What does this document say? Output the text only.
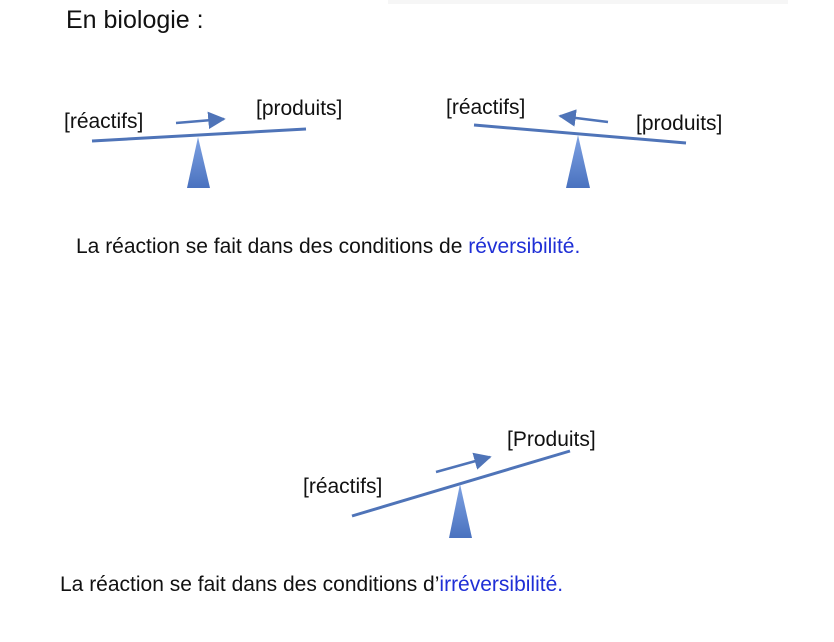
En biologie :
[réactifs]
[produits]	[réactifs]
[produits]
La réaction se fait dans des conditions de réversibilité.
[réactifs]
[Produits]
La réaction se fait dans des conditions d’irréversibilité.
